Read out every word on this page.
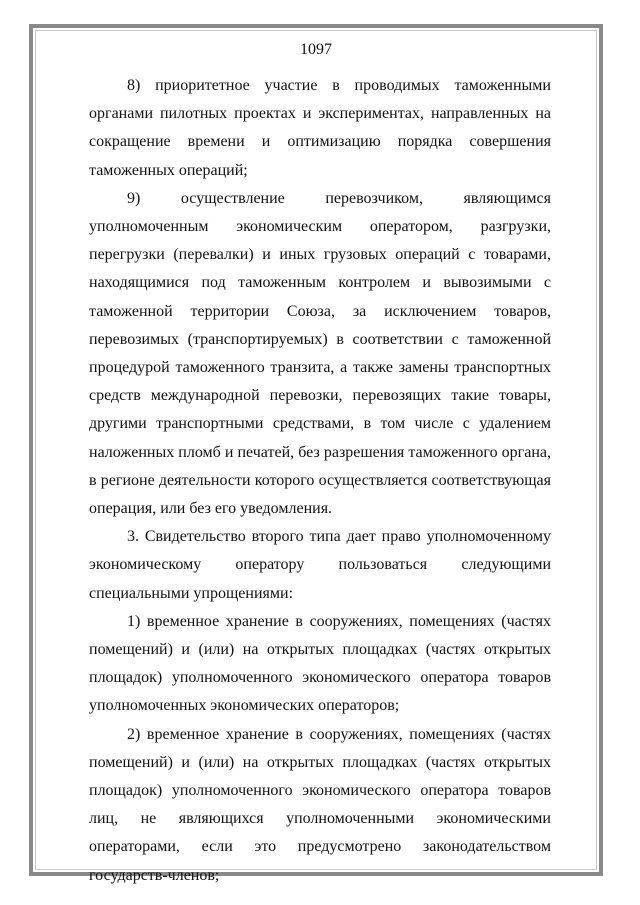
1097

8) приоритетное участие в проводимых таможенными органами пилотных проектах и экспериментах, направленных на сокращение времени и оптимизацию порядка совершения таможенных операций;

9) осуществление перевозчиком, являющимся уполномоченным экономическим оператором, разгрузки, перегрузки (перевалки) и иных грузовых операций с товарами, находящимися под таможенным контролем и вывозимыми с таможенной территории Союза, за исключением товаров, перевозимых (транспортируемых) в соответствии с таможенной процедурой таможенного транзита, а также замены транспортных средств международной перевозки, перевозящих такие товары, другими транспортными средствами, в том числе с удалением наложенных пломб и печатей, без разрешения таможенного органа, в регионе деятельности которого осуществляется соответствующая операция, или без его уведомления.

3. Свидетельство второго типа дает право уполномоченному экономическому оператору пользоваться следующими специальными упрощениями:

1) временное хранение в сооружениях, помещениях (частях помещений) и (или) на открытых площадках (частях открытых площадок) уполномоченного экономического оператора товаров уполномоченных экономических операторов;

2) временное хранение в сооружениях, помещениях (частях помещений) и (или) на открытых площадках (частях открытых площадок) уполномоченного экономического оператора товаров лиц, не являющихся уполномоченными экономическими операторами, если это предусмотрено законодательством государств-членов;
